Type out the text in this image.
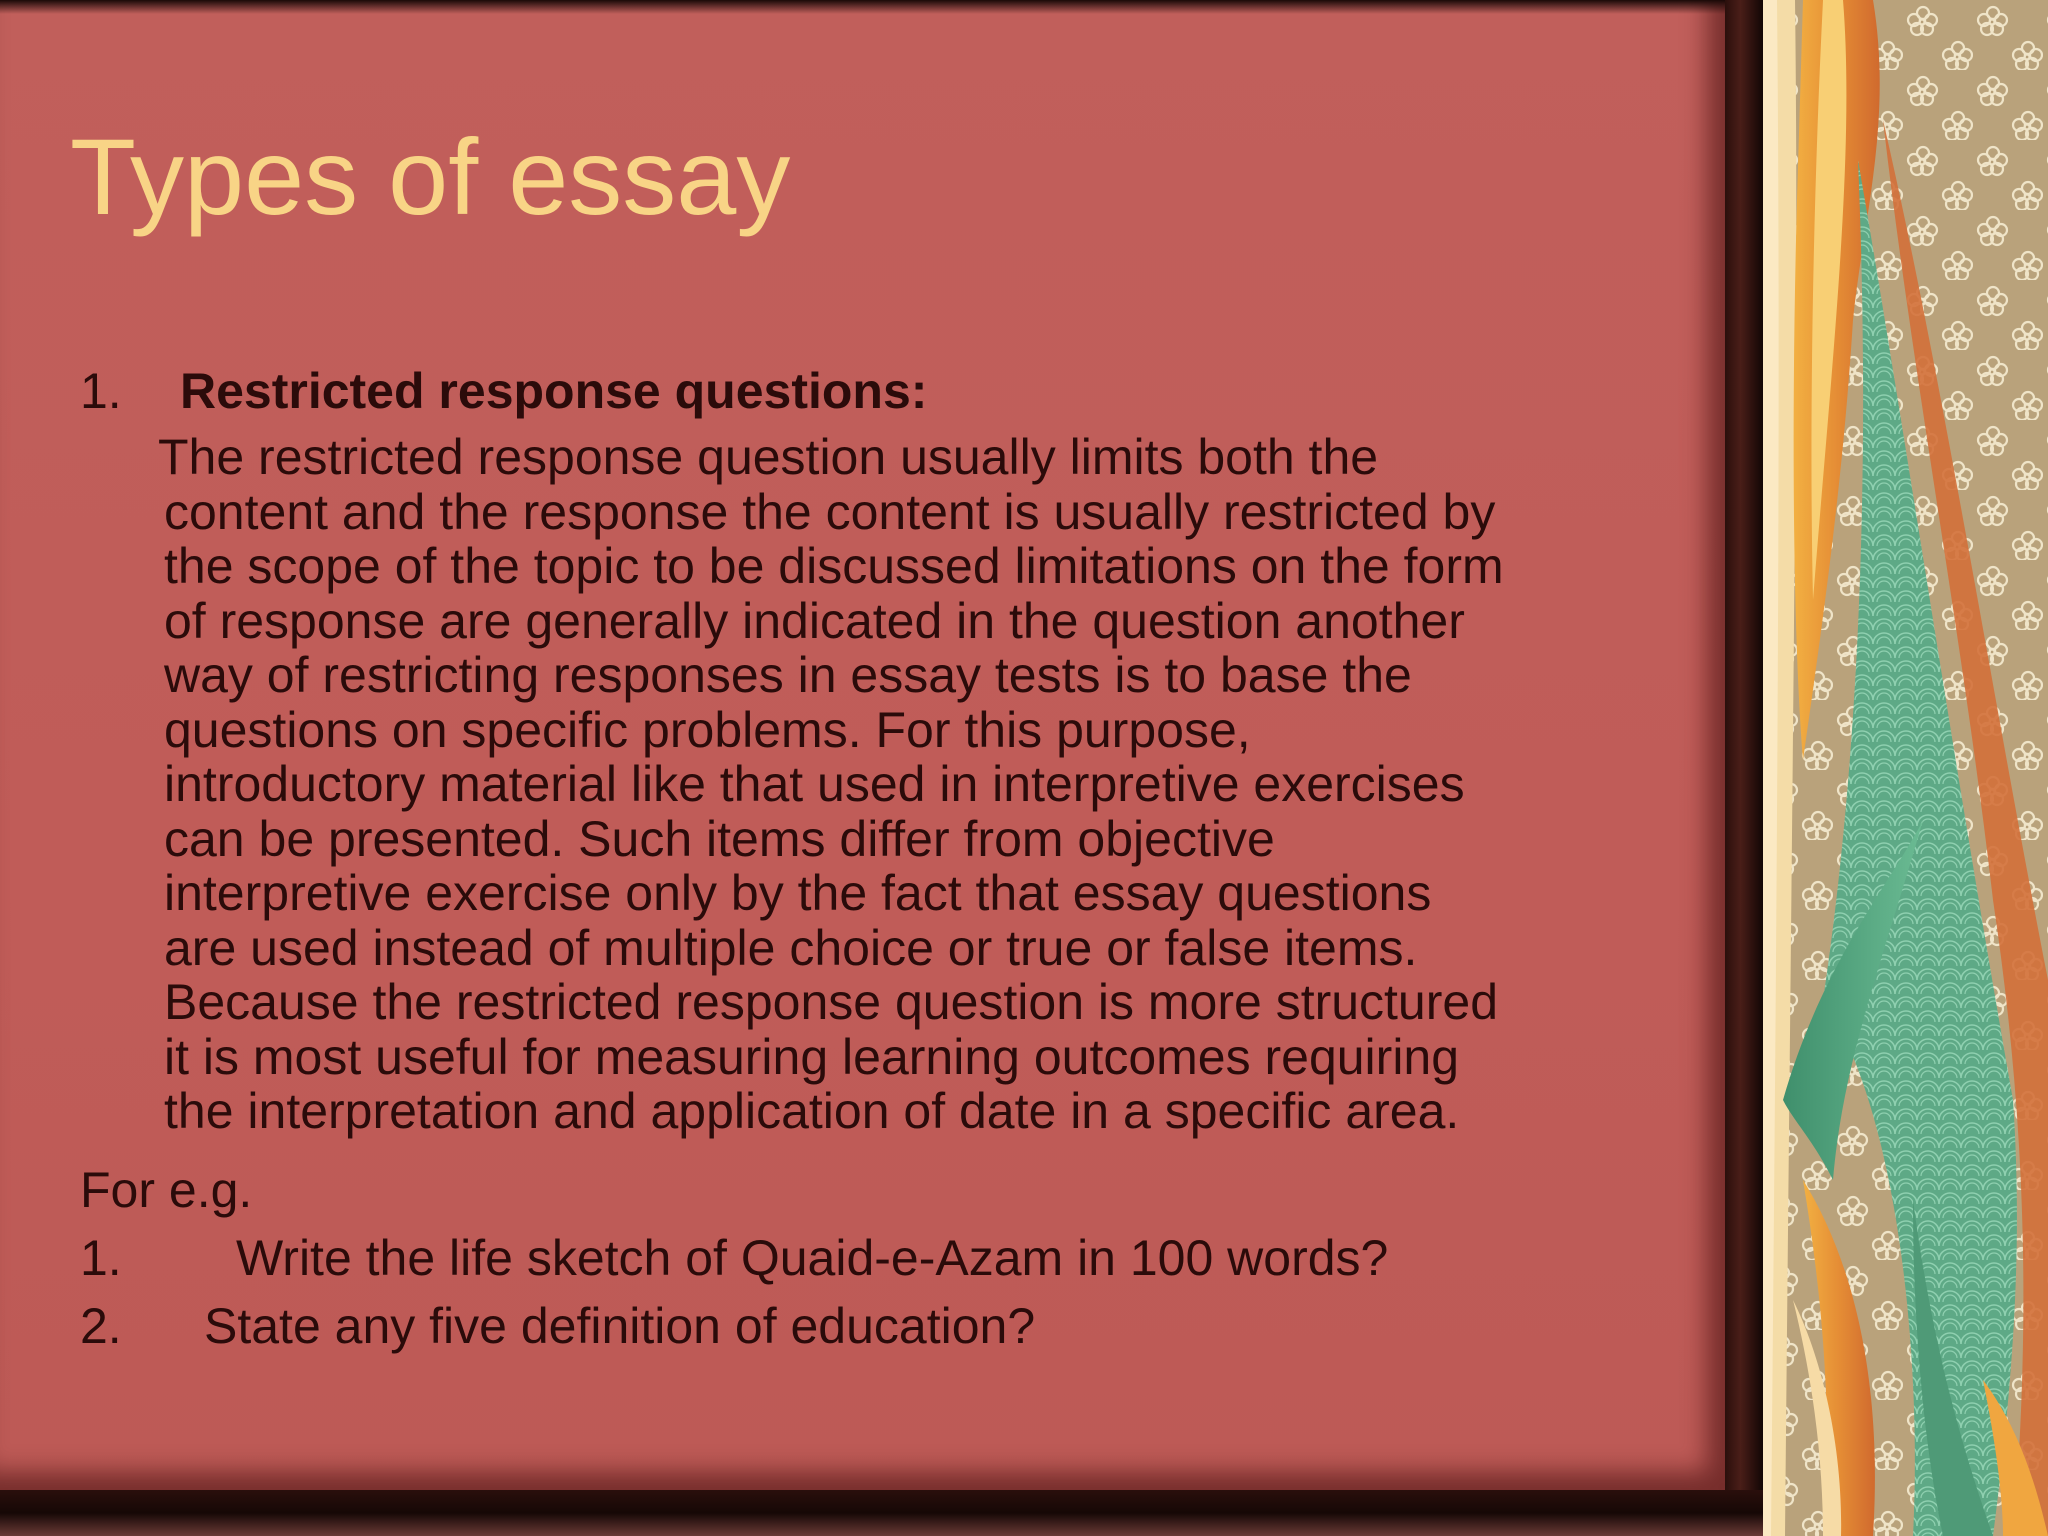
Types of essay
1.	Restricted response questions:
The restricted response question usually limits both the
content and the response the content is usually restricted by
the scope of the topic to be discussed limitations on the form
of response are generally indicated in the question another
way of restricting responses in essay tests is to base the
questions on specific problems. For this purpose,
introductory material like that used in interpretive exercises
can be presented. Such items differ from objective
interpretive exercise only by the fact that essay questions
are used instead of multiple choice or true or false items.
Because the restricted response question is more structured
it is most useful for measuring learning outcomes requiring
the interpretation and application of date in a specific area.
For e.g.
1.	Write the life sketch of Quaid-e-Azam in 100 words?
2.	State any five definition of education?
